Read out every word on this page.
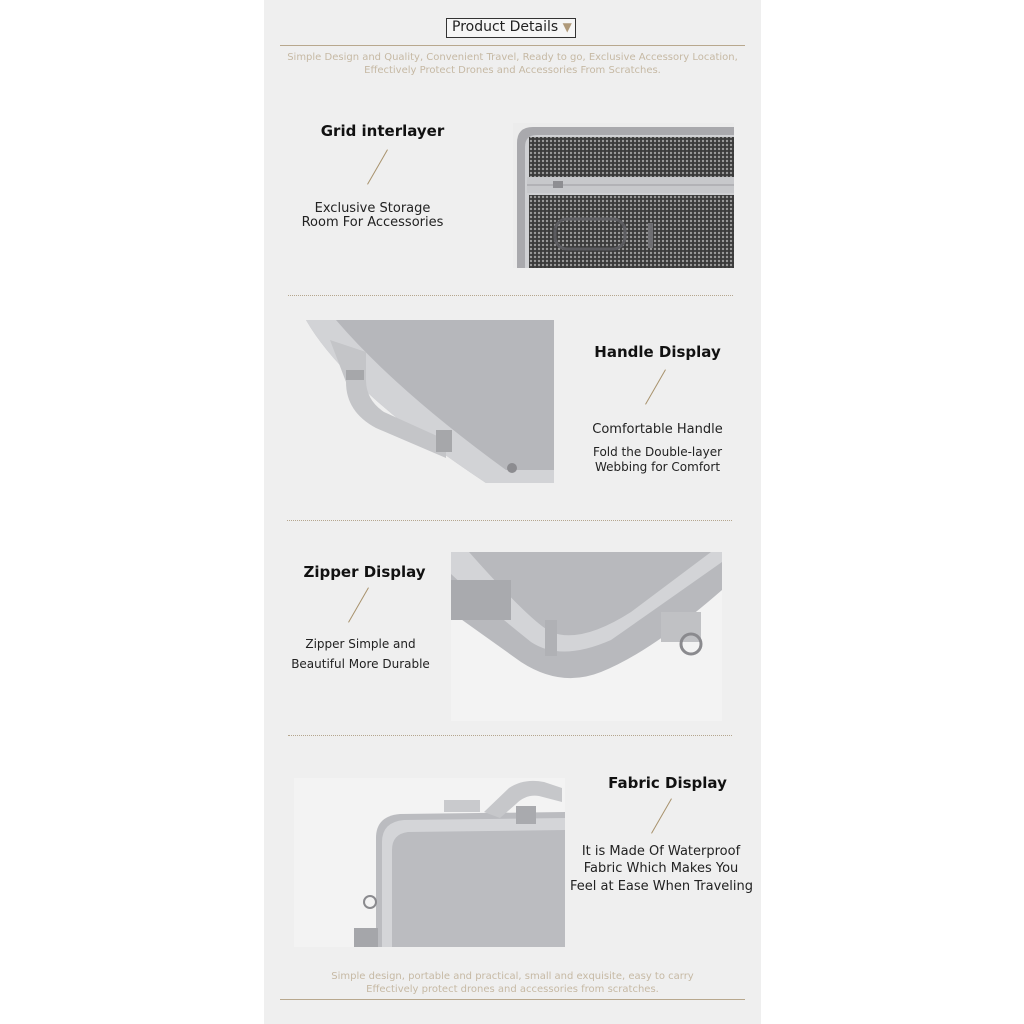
Product Details ▼
Simple Design and Quality, Convenient Travel, Ready to go, Exclusive Accessory Location,
Effectively Protect Drones and Accessories From Scratches.
Grid interlayer
Exclusive Storage
Room For Accessories
Handle Display
Comfortable Handle
Fold the Double-layer
Webbing for Comfort
Zipper Display
Zipper Simple and
Beautiful More Durable
Fabric Display
It is Made Of Waterproof
Fabric Which Makes You
Feel at Ease When Traveling
Simple design, portable and practical, small and exquisite, easy to carry
Effectively protect drones and accessories from scratches.
